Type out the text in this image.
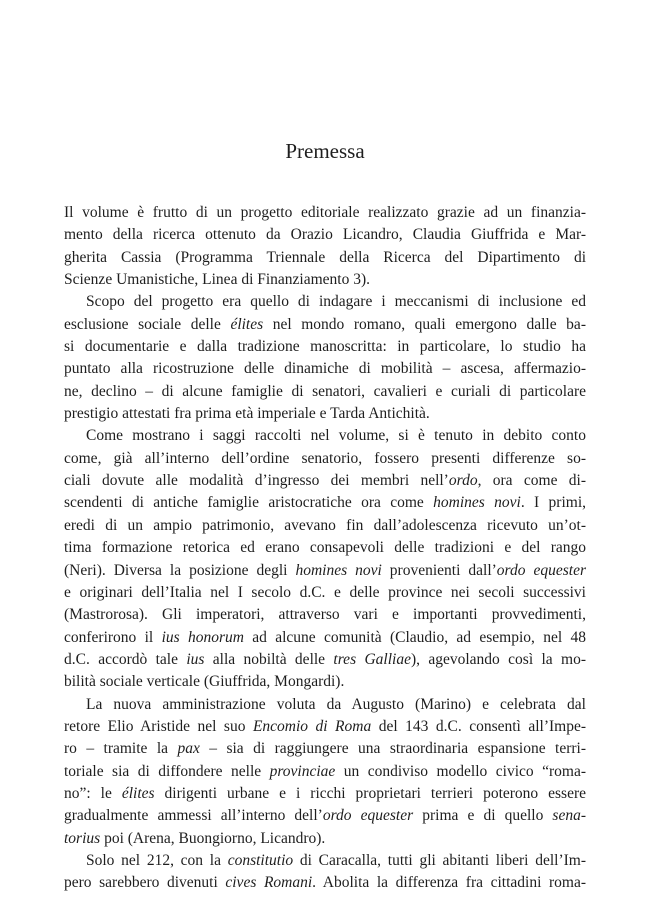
Premessa
Il volume è frutto di un progetto editoriale realizzato grazie ad un finanzia-
mento della ricerca ottenuto da Orazio Licandro, Claudia Giuffrida e Mar-
gherita Cassia (Programma Triennale della Ricerca del Dipartimento di
Scienze Umanistiche, Linea di Finanziamento 3).
Scopo del progetto era quello di indagare i meccanismi di inclusione ed
esclusione sociale delle élites nel mondo romano, quali emergono dalle ba-
si documentarie e dalla tradizione manoscritta: in particolare, lo studio ha
puntato alla ricostruzione delle dinamiche di mobilità – ascesa, affermazio-
ne, declino – di alcune famiglie di senatori, cavalieri e curiali di particolare
prestigio attestati fra prima età imperiale e Tarda Antichità.
Come mostrano i saggi raccolti nel volume, si è tenuto in debito conto
come, già all’interno dell’ordine senatorio, fossero presenti differenze so-
ciali dovute alle modalità d’ingresso dei membri nell’ordo, ora come di-
scendenti di antiche famiglie aristocratiche ora come homines novi. I primi,
eredi di un ampio patrimonio, avevano fin dall’adolescenza ricevuto un’ot-
tima formazione retorica ed erano consapevoli delle tradizioni e del rango
(Neri). Diversa la posizione degli homines novi provenienti dall’ordo equester
e originari dell’Italia nel I secolo d.C. e delle province nei secoli successivi
(Mastrorosa). Gli imperatori, attraverso vari e importanti provvedimenti,
conferirono il ius honorum ad alcune comunità (Claudio, ad esempio, nel 48
d.C. accordò tale ius alla nobiltà delle tres Galliae), agevolando così la mo-
bilità sociale verticale (Giuffrida, Mongardi).
La nuova amministrazione voluta da Augusto (Marino) e celebrata dal
retore Elio Aristide nel suo Encomio di Roma del 143 d.C. consentì all’Impe-
ro – tramite la pax – sia di raggiungere una straordinaria espansione terri-
toriale sia di diffondere nelle provinciae un condiviso modello civico “roma-
no”: le élites dirigenti urbane e i ricchi proprietari terrieri poterono essere
gradualmente ammessi all’interno dell’ordo equester prima e di quello sena-
torius poi (Arena, Buongiorno, Licandro).
Solo nel 212, con la constitutio di Caracalla, tutti gli abitanti liberi dell’Im-
pero sarebbero divenuti cives Romani. Abolita la differenza fra cittadini roma-
